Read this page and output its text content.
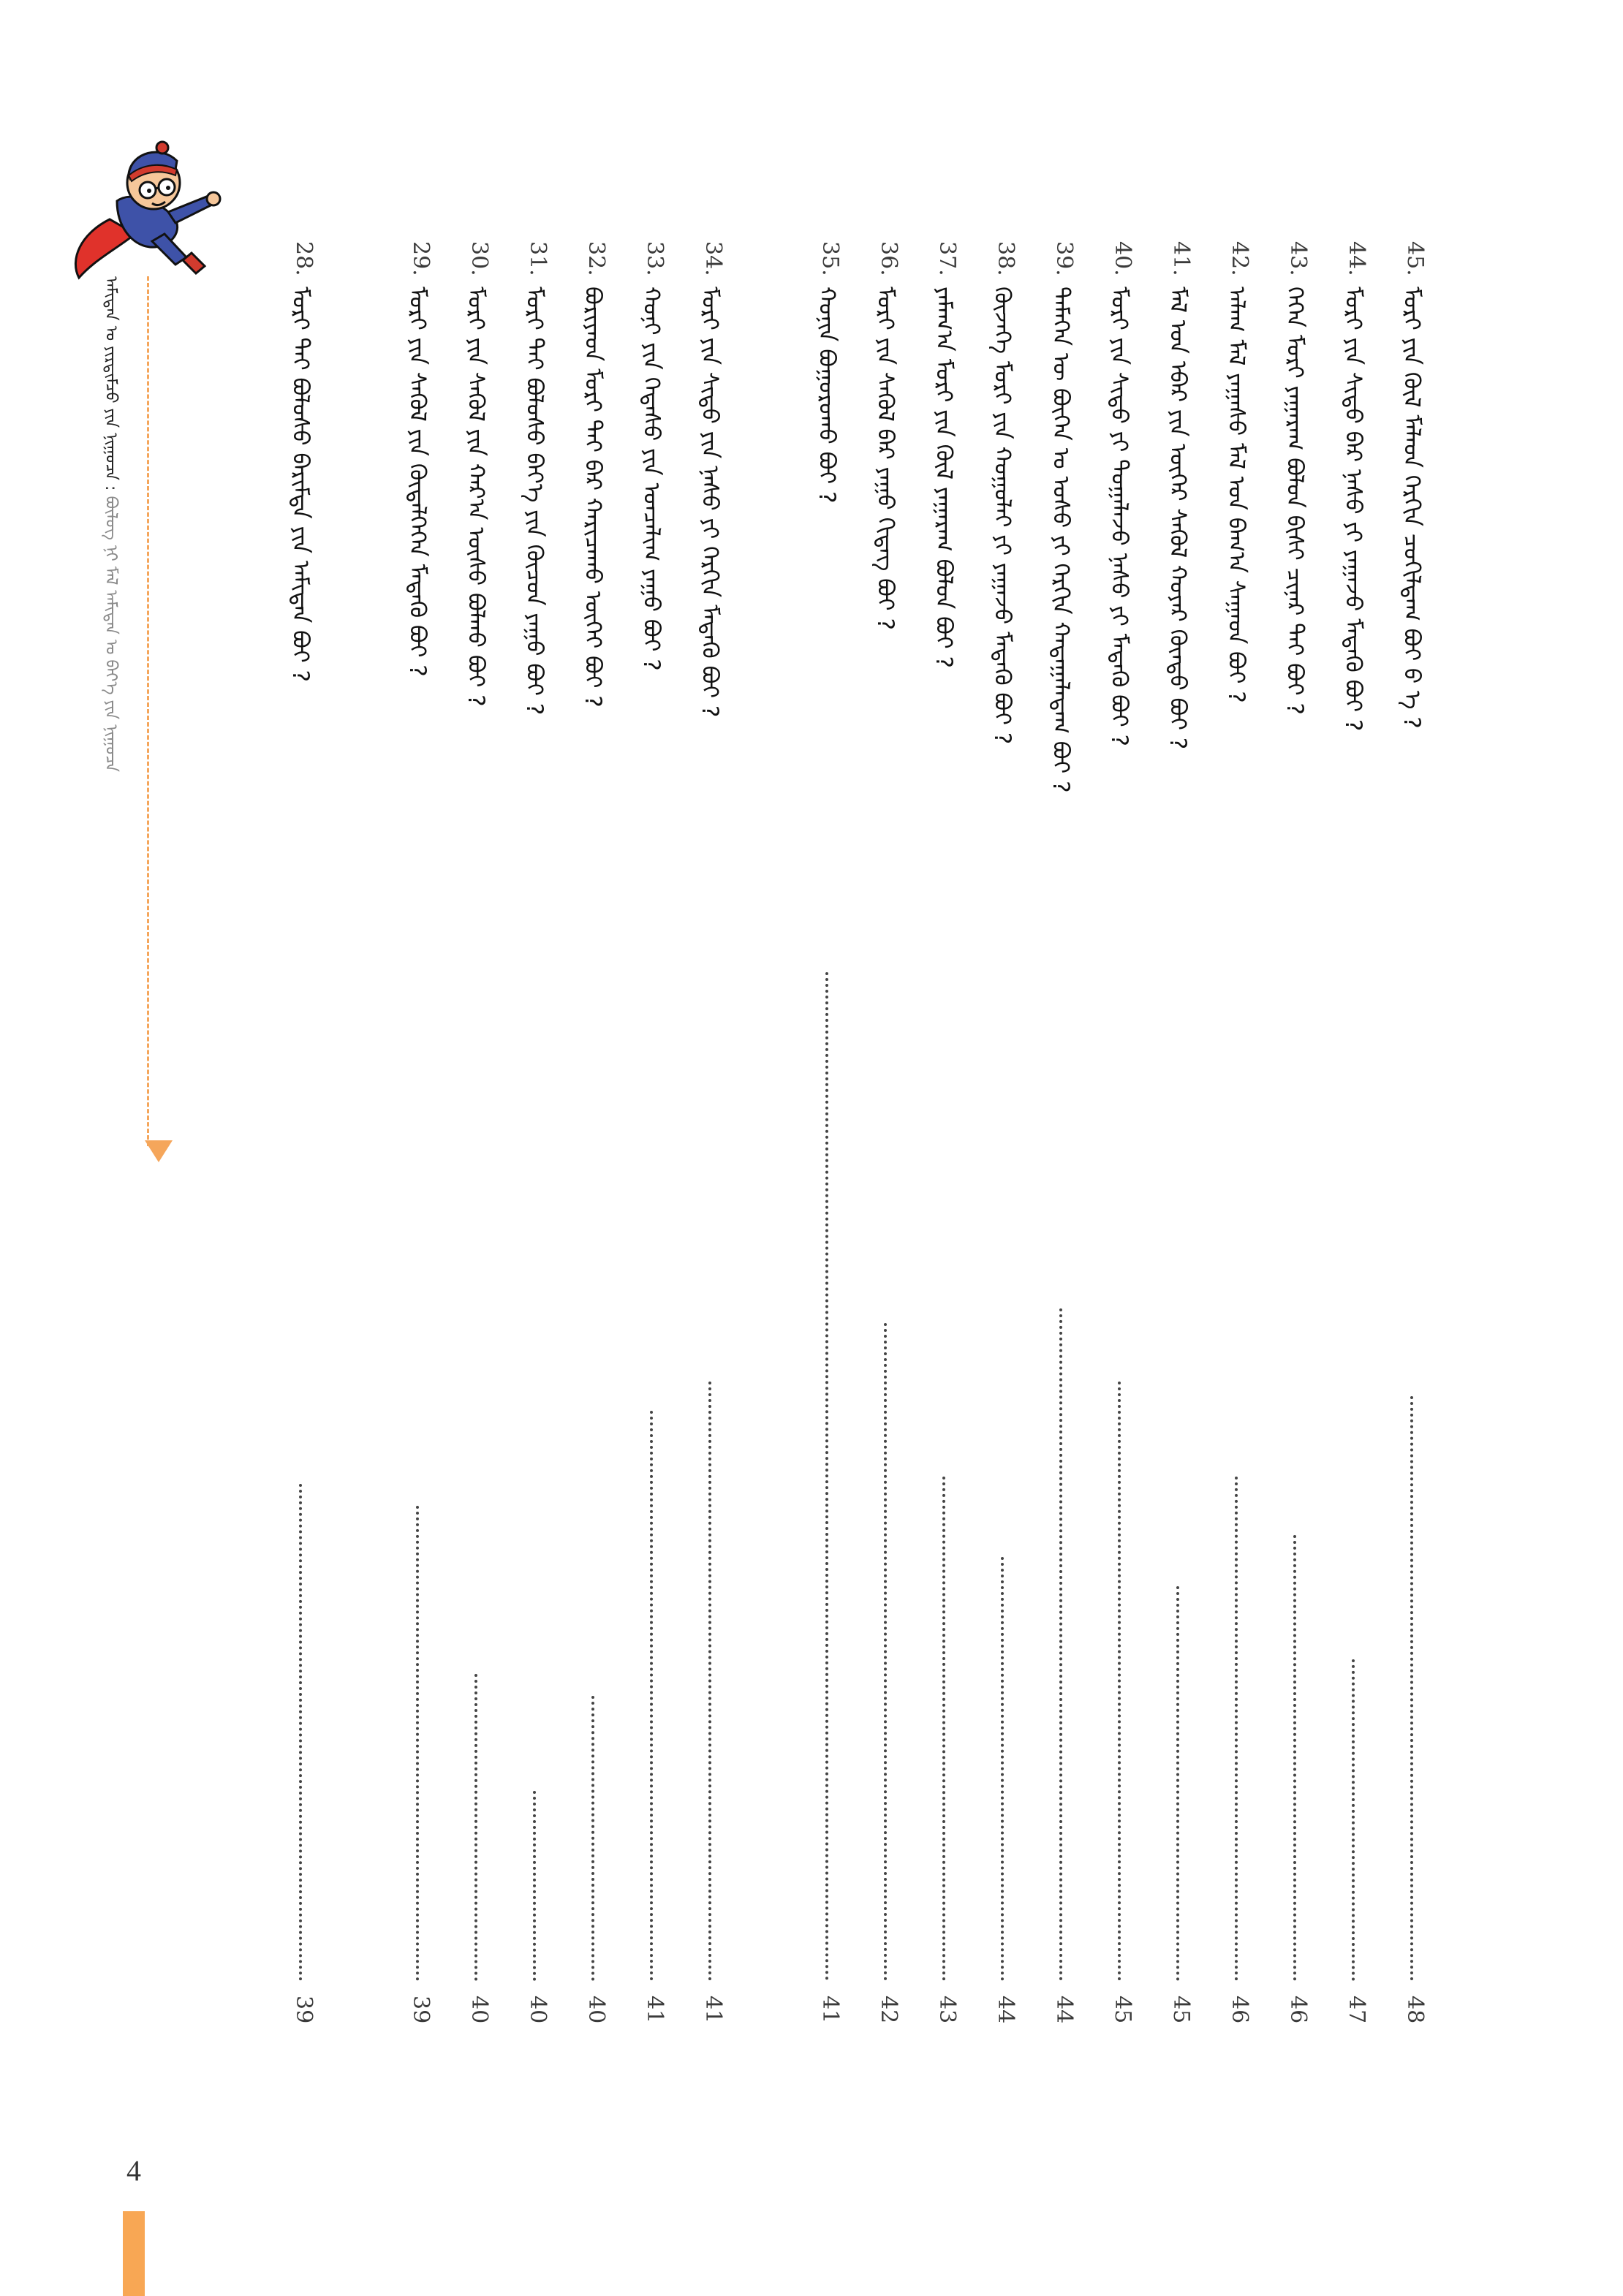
ᠠᠮᠢᠲᠠᠨ ᠤ ᠶᠢᠷᠲᠢᠮᠴᠦ ᠶᠢᠨ ᠨᠢᠭᠤᠴᠠ : ᠪᠦᠯᠦᠭ ᠨᠢ ᠮᠠᠯ ᠠᠮᠢᠲᠠᠨ ᠤ ᠪᠡᠶ᠎ᠡ ᠶᠢᠨ ᠨᠢᠭᠤᠴᠠ
45.
ᠮᠣᠷᠢ ᠶᠢᠨ ᠬᠦᠯ ᠮᠠᠯᠠᠳ ᠬᠡᠷᠬᠢᠨ ᠴᠣᠬᠢᠯᠳᠠᠭ ᠪᠤᠢ ᠪ ᠡ ?
48
44.
ᠮᠣᠷᠢ ᠶᠢᠨ ᠰᠢᠳᠦ ᠪᠡᠷ ᠨᠠᠰᠤ ᠶᠢ ᠶᠠᠭᠠᠵᠤ ᠮᠡᠳᠡᠬᠦ ᠪᠤᠢ ?
47
43.
ᠭᠡᠭᠡᠨ ᠮᠣᠷᠢ ᠶᠠᠭᠠᠷᠠᠭ ᠪᠣᠯᠤᠨ ᠪᠢᠰᠢ ᠴᠢᠨᠠᠷ ᠲᠠᠢ ᠪᠤᠢ ?
46
42.
ᠠᠯᠠᠭ ᠮᠠᠯ ᠶᠠᠭᠠᠰᠤ ᠮᠠᠯ ᠤᠨ ᠪᠠᠭ᠎ᠠ ᠰᠠᠭᠠᠳ ᠪᠤᠢ ?
46
41.
ᠮᠠᠯ ᠤᠨ ᠡᠪᠡᠷ ᠶᠢᠨ ᠦᠬᠡᠷ ᠰᠡᠭᠦᠯ ᠬᠣᠶᠠᠷ ᠬᠦᠨᠳᠦ ᠪᠤᠢ ?
45
40.
ᠮᠣᠷᠢ ᠶᠢᠨ ᠰᠢᠳᠦ ᠶᠢ ᠲᠣᠭᠠᠯᠠᠵᠤ ᠨᠠᠰᠤ ᠶᠢ ᠮᠡᠳᠡᠬᠦ ᠪᠤᠢ ?
45
39.
ᠲᠡᠮᠡᠭᠡᠨ ᠦ ᠪᠦᠬᠡᠨ ᠤ ᠤᠰᠤ ᠶᠢ ᠬᠡᠷᠬᠢᠨ ᠬᠠᠳᠠᠭᠠᠯᠠᠳᠠᠭ ᠪᠤᠢ ?
44
38.
ᠭᠦᠵᠡᠭᠡ ᠮᠣᠷᠢ ᠶᠢᠨ ᠬᠣᠭᠤᠯᠠᠢ ᠶᠢ ᠶᠠᠭᠠᠵᠤ ᠮᠡᠳᠡᠬᠦ ᠪᠤᠢ ?
44
37.
ᠶᠠᠮᠠᠭ᠎ᠠ ᠮᠣᠷᠢ ᠶᠢᠨ ᠬᠥᠯ ᠶᠠᠭᠠᠷᠠᠭ ᠪᠣᠯᠤᠨ ᠪᠤᠢ ?
43
36.
ᠮᠣᠷᠢ ᠶᠢᠨ ᠰᠡᠭᠦᠯ ᠪᠡᠷ ᠶᠠᠭᠤ ᠬᠢᠳᠡᠭ ᠪᠤᠢ ?
42
35.
ᠬᠣᠨᠢᠨ ᠪᠣᠭᠣᠷᠤᠬᠤ ᠪᠤᠢ ?
41
34.
ᠮᠣᠷᠢ ᠶᠢᠨ ᠰᠢᠳᠦ ᠶᠢᠨ ᠨᠠᠰᠤ ᠶᠢ ᠬᠡᠷᠬᠢᠨ ᠮᠡᠳᠡᠬᠦ ᠪᠤᠢ ?
41
33.
ᠬᠣᠨᠢ ᠶᠢᠨ ᠭᠡᠳᠡᠰᠦ ᠶᠢᠨ ᠣᠨᠴᠠᠯᠢᠭ ᠶᠠᠭᠤ ᠪᠤᠢ ?
41
32.
ᠪᠤᠷᠢᠶᠠᠳ ᠮᠣᠷᠢ ᠲᠠᠢ ᠪᠡᠷ ᠬᠠᠷᠢᠴᠠᠬᠤ ᠦᠭᠡᠢ ᠪᠤᠢ ?
40
31.
ᠮᠣᠷᠢ ᠲᠠᠢ ᠪᠣᠯᠣᠰᠤ ᠪᠡᠶ᠎ᠡ ᠶᠢᠨ ᠬᠦᠴᠦᠨ ᠶᠠᠭᠤ ᠪᠤᠢ ?
40
30.
ᠮᠣᠷᠢ ᠶᠢᠨ ᠰᠡᠭᠦᠯ ᠶᠢᠨ ᠬᠠᠷ᠎ᠠ ᠦᠰᠦ ᠪᠣᠯᠬᠤ ᠪᠤᠢ ?
40
29.
ᠮᠣᠷᠢ ᠶᠢᠨ ᠰᠡᠭᠦᠯ ᠶᠢᠨ ᠬᠥᠳᠡᠯᠭᠡᠭᠡᠨ ᠮᠡᠳᠡᠬᠦ ᠪᠤᠢ ?
39
28.
ᠮᠣᠷᠢ ᠲᠠᠢ ᠪᠣᠯᠣᠰᠤ ᠪᠠᠷᠢᠮᠲᠠ ᠶᠢᠨ ᠠᠮᠢᠲᠠᠨ ᠪᠤᠢ ?
39
4
